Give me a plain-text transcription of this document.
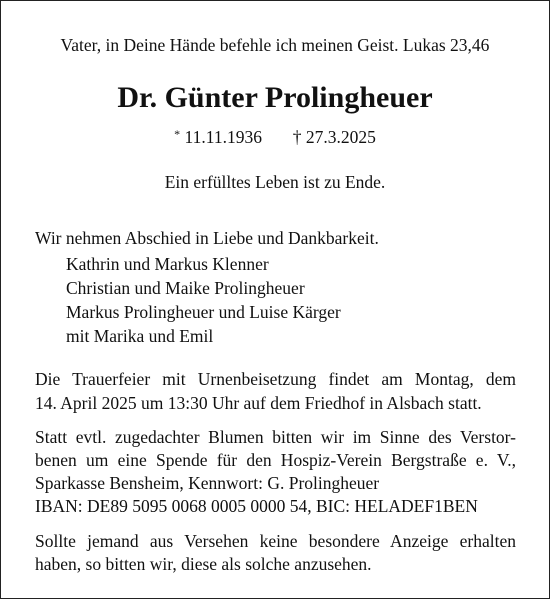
Vater, in Deine Hände befehle ich meinen Geist. Lukas 23,46
Dr. Günter Prolingheuer
* 11.11.1936 † 27.3.2025
Ein erfülltes Leben ist zu Ende.
Wir nehmen Abschied in Liebe und Dankbarkeit.
Kathrin und Markus Klenner
Christian und Maike Prolingheuer
Markus Prolingheuer und Luise Kärger
mit Marika und Emil
Die Trauerfeier mit Urnenbeisetzung findet am Montag, dem
14. April 2025 um 13:30 Uhr auf dem Friedhof in Alsbach statt.
Statt evtl. zugedachter Blumen bitten wir im Sinne des Verstor-
benen um eine Spende für den Hospiz-Verein Bergstraße e. V.,
Sparkasse Bensheim, Kennwort: G. Prolingheuer
IBAN: DE89 5095 0068 0005 0000 54, BIC: HELADEF1BEN
Sollte jemand aus Versehen keine besondere Anzeige erhalten
haben, so bitten wir, diese als solche anzusehen.
